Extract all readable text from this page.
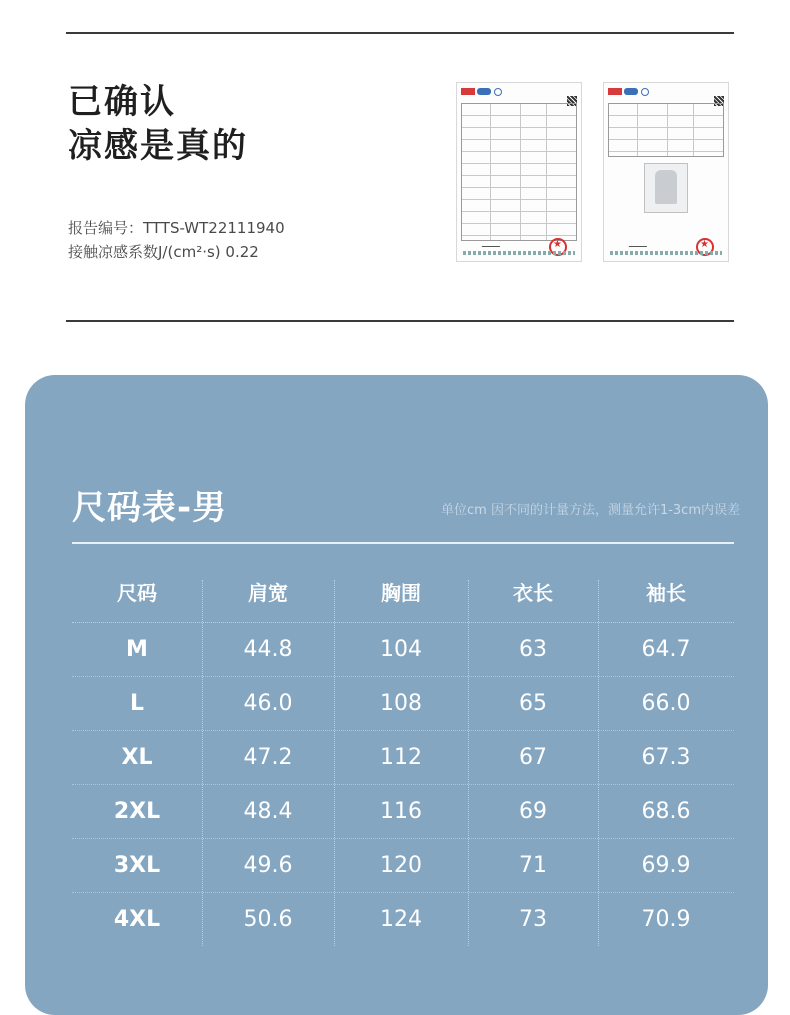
已确认
凉感是真的
报告编号：TTTS-WT22111940
接触凉感系数J/(cm²·s) 0.22
★
★
尺码表-男	单位cm 因不同的计量方法，测量允许1-3cm内误差
尺码	肩宽	胸围	衣长	袖长
M	44.8	104	63	64.7
L	46.0	108	65	66.0
XL	47.2	112	67	67.3
2XL	48.4	116	69	68.6
3XL	49.6	120	71	69.9
4XL	50.6	124	73	70.9
